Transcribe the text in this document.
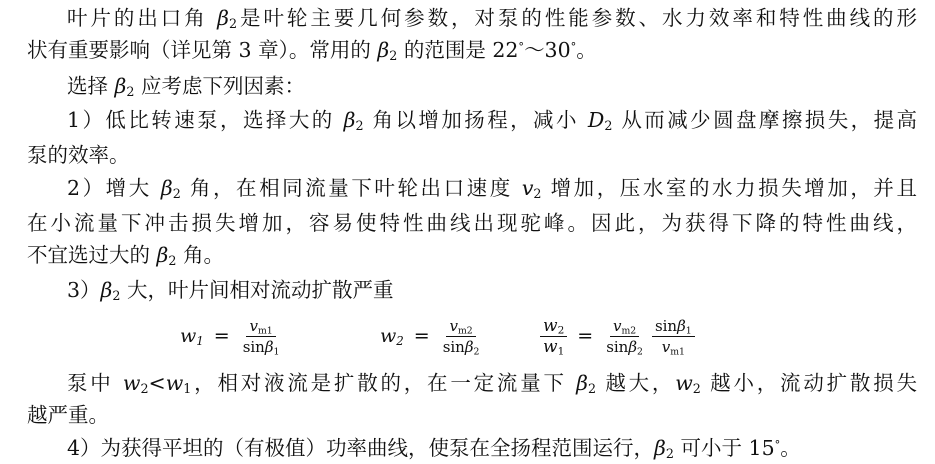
叶片的出口角 $\beta_2$是叶轮主要几何参数，对泵的性能参数、水力效率和特性曲线的形
状有重要影响（详见第 3 章）。常用的 $\beta_2$ 的范围是 22°～30°。
选择 $\beta_2$ 应考虑下列因素：
1）低比转速泵，选择大的 $\beta_2$ 角以增加扬程，减小 $D_2$ 从而减少圆盘摩擦损失，提高
泵的效率。
2）增大 $\beta_2$ 角，在相同流量下叶轮出口速度 $v_2$ 增加，压水室的水力损失增加，并且
在小流量下冲击损失增加，容易使特性曲线出现驼峰。因此，为获得下降的特性曲线，
不宜选过大的 $\beta_2$ 角。
$3)\beta_2$ 大，叶片间相对流动扩散严重
$w_1 = \frac{v_{m1}}{\sin\beta_1}$	$w_2 = \frac{v_{m2}}{\sin\beta_2}$	$\frac{w_2}{w_1} = \frac{v_{m2}}{\sin\beta_2} \frac{\sin\beta_1}{v_{m1}}$
泵中 $w_2<w_1$，相对液流是扩散的，在一定流量下 $\beta_2$ 越大，$w_2$ 越小，流动扩散损失
越严重。
4）为获得平坦的（有极值）功率曲线，使泵在全扬程范围运行，$\beta_2$ 可小于 15°。
